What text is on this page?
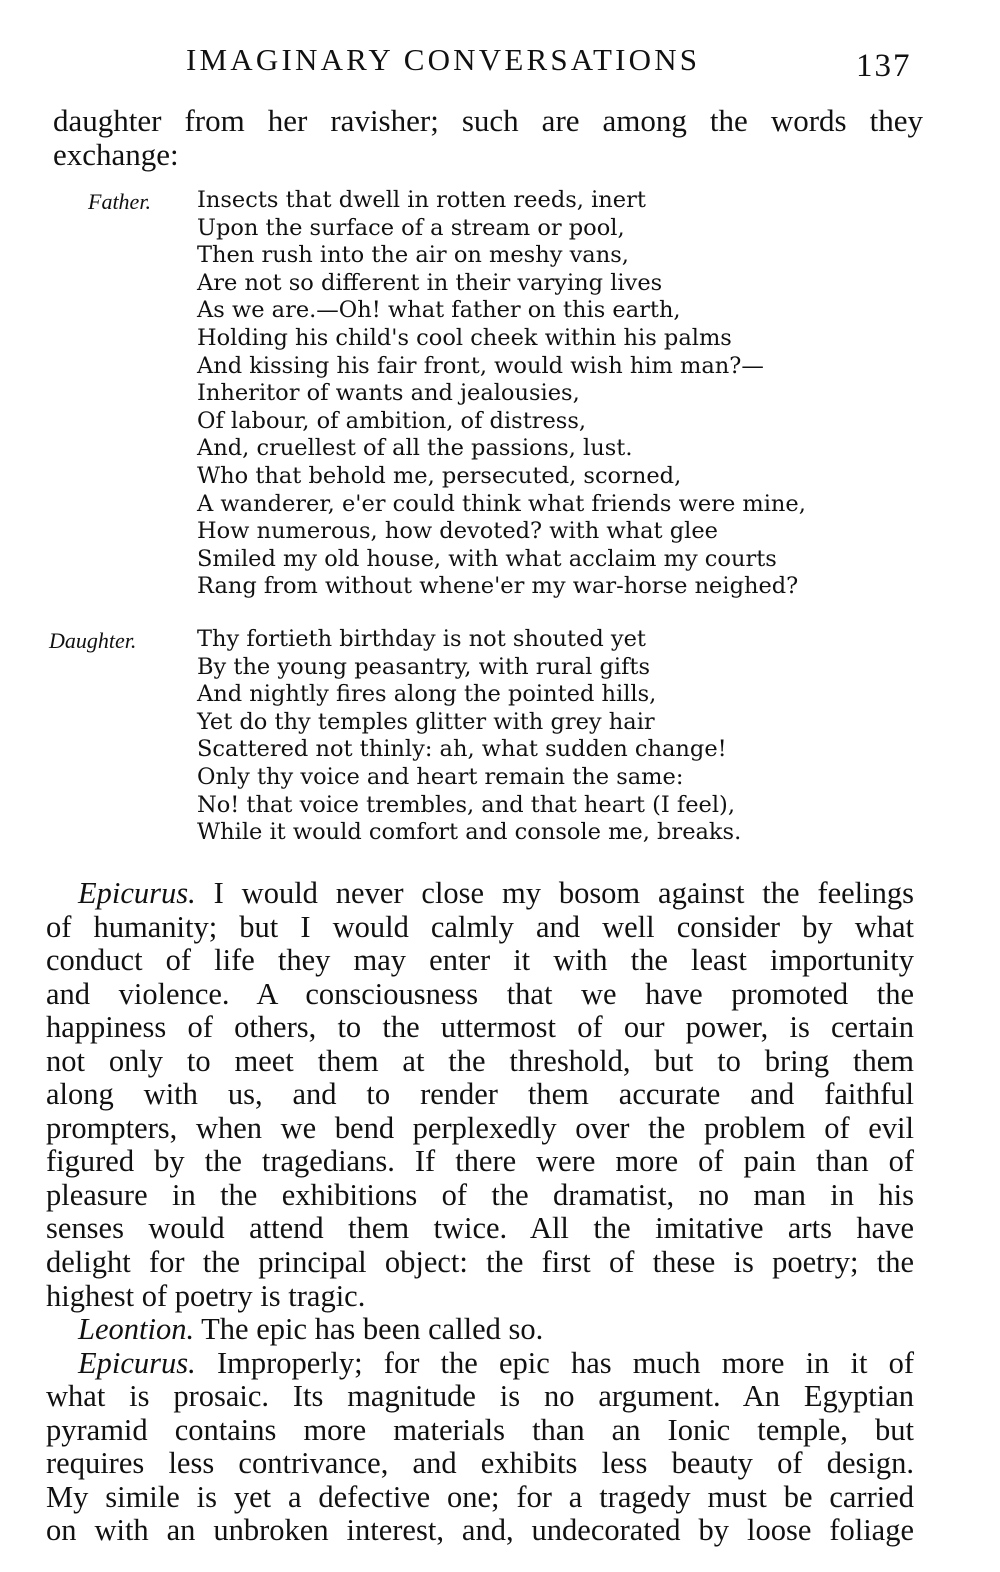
IMAGINARY CONVERSATIONS	137
daughter from her ravisher; such are among the words they
exchange:
Father. Insects that dwell in rotten reeds, inert
Upon the surface of a stream or pool,
Then rush into the air on meshy vans,
Are not so different in their varying lives
As we are.—Oh! what father on this earth,
Holding his child's cool cheek within his palms
And kissing his fair front, would wish him man?—
Inheritor of wants and jealousies,
Of labour, of ambition, of distress,
And, cruellest of all the passions, lust.
Who that behold me, persecuted, scorned,
A wanderer, e'er could think what friends were mine,
How numerous, how devoted? with what glee
Smiled my old house, with what acclaim my courts
Rang from without whene'er my war-horse neighed?
Daughter.	Thy fortieth birthday is not shouted yet
By the young peasantry, with rural gifts
And nightly fires along the pointed hills,
Yet do thy temples glitter with grey hair
Scattered not thinly: ah, what sudden change!
Only thy voice and heart remain the same:
No! that voice trembles, and that heart (I feel),
While it would comfort and console me, breaks.
Epicurus. I would never close my bosom against the feelings
of humanity; but I would calmly and well consider by what
conduct of life they may enter it with the least importunity
and violence. A consciousness that we have promoted the
happiness of others, to the uttermost of our power, is certain
not only to meet them at the threshold, but to bring them
along with us, and to render them accurate and faithful
prompters, when we bend perplexedly over the problem of evil
figured by the tragedians. If there were more of pain than of
pleasure in the exhibitions of the dramatist, no man in his
senses would attend them twice. All the imitative arts have
delight for the principal object: the first of these is poetry; the
highest of poetry is tragic.
Leontion. The epic has been called so.
Epicurus. Improperly; for the epic has much more in it of
what is prosaic. Its magnitude is no argument. An Egyptian
pyramid contains more materials than an Ionic temple, but
requires less contrivance, and exhibits less beauty of design.
My simile is yet a defective one; for a tragedy must be carried
on with an unbroken interest, and, undecorated by loose foliage
